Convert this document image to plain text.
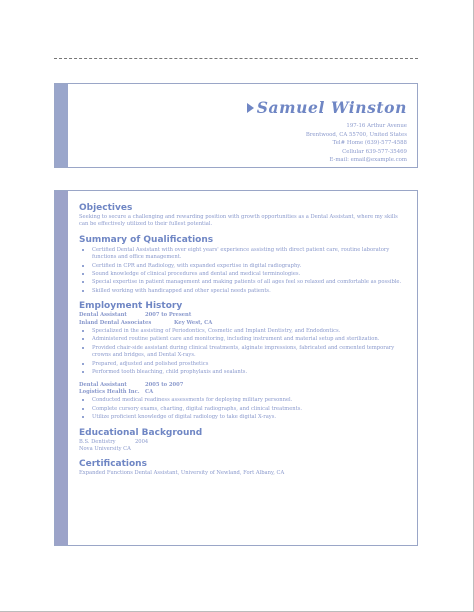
Samuel Winston
197-16 Arthur Avenue
Brentwood, CA 55700, United States
Tel# Home (639)-577-4588
Cellular 639-577-35469
E-mail: email@example.com

Objectives

Seeking to secure a challenging and rewarding position with growth opportunities as a Dental Assistant, where my skills can be effectively utilized to their fullest potential.

Summary of Qualifications

• Certified Dental Assistant with over eight years' experience assisting with direct patient care, routine laboratory functions and office management.
• Certified in CPR and Radiology, with expanded expertise in digital radiography.
• Sound knowledge of clinical procedures and dental and medical terminologies.
• Special expertise in patient management and making patients of all ages feel so relaxed and comfortable as possible.
• Skilled working with handicapped and other special needs patients.

Employment History

Dental Assistant	2007 to Present

Inland Dental Associates	Key West, CA

• Specialized in the assisting of Periodontics, Cosmetic and Implant Dentistry, and Endodontics.
• Administered routine patient care and monitoring, including instrument and material setup and sterilization.
• Provided chair-side assistant during clinical treatments, alginate impressions, fabricated and cemented temporary crowns and bridges, and Dental X-rays.
• Prepared, adjusted and polished prosthetics
• Performed tooth bleaching, child prophylaxis and sealants.

Dental Assistant	2005 to 2007

Logistics Health Inc. CA

• Conducted medical readiness assessments for deploying military personnel.
• Complete cursory exams, charting, digital radiographs, and clinical treatments.
• Utilize proficient knowledge of digital radiology to take digital X-rays.

Educational Background

B.S. Dentistry	2004

Nova University CA

Certifications

Expanded Functions Dental Assistant, University of Newland, Fort Albany, CA
